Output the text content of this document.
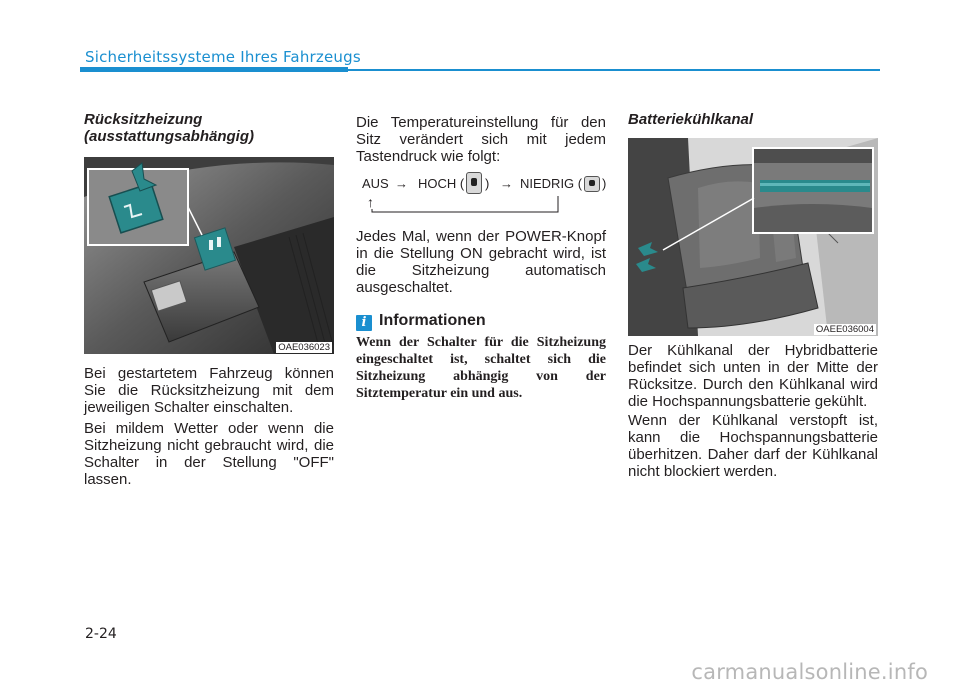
Sicherheitssysteme Ihres Fahrzeugs
Rücksitzheizung
(ausstattungsabhängig)
OAE036023
Bei gestartetem Fahrzeug können Sie die Rücksitzheizung mit dem jeweiligen Schalter einschalten.
Bei mildem Wetter oder wenn die Sitzheizung nicht gebraucht wird, die Schalter in der Stellung "OFF" lassen.
Die Temperatureinstellung für den Sitz verändert sich mit jedem Tastendruck wie folgt:
AUS → HOCH ( ) → NIEDRIG ( )
↑
Jedes Mal, wenn der POWER-Knopf in die Stellung ON gebracht wird, ist die Sitzheizung automatisch ausgeschaltet.
i Informationen
Wenn der Schalter für die Sitzheizung eingeschaltet ist, schaltet sich die Sitzheizung abhängig von der Sitztemperatur ein und aus.
Batteriekühlkanal
OAEE036004
Der Kühlkanal der Hybridbatterie befindet sich unten in der Mitte der Rücksitze. Durch den Kühlkanal wird die Hochspannungsbatterie gekühlt.
Wenn der Kühlkanal verstopft ist, kann die Hochspannungsbatterie überhitzen. Daher darf der Kühlkanal nicht blockiert werden.
2-24
carmanualsonline.info
